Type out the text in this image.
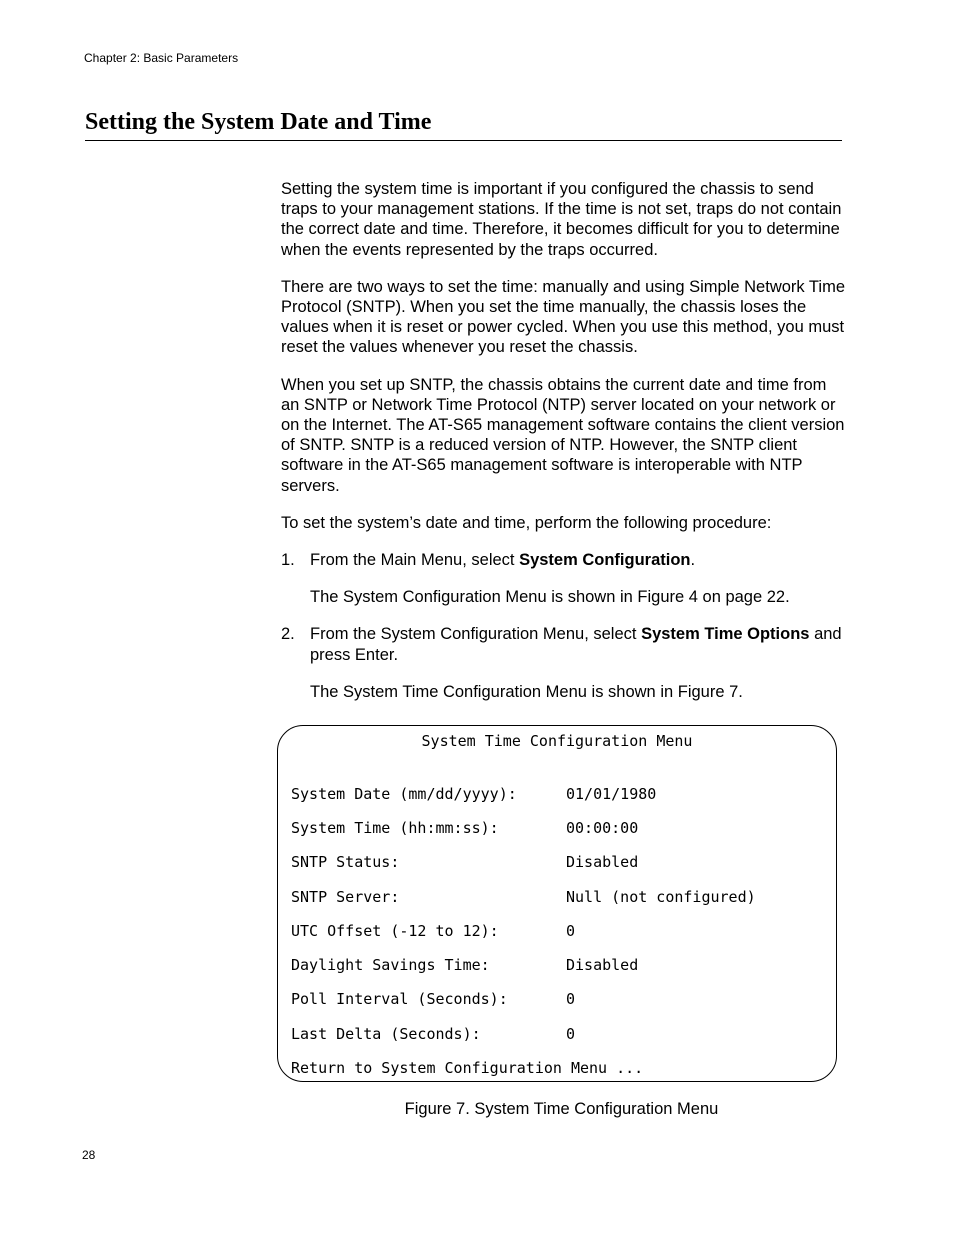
Chapter 2: Basic Parameters

Setting the System Date and Time

Setting the system time is important if you configured the chassis to send traps to your management stations. If the time is not set, traps do not contain the correct date and time. Therefore, it becomes difficult for you to determine when the events represented by the traps occurred.

There are two ways to set the time: manually and using Simple Network Time Protocol (SNTP). When you set the time manually, the chassis loses the values when it is reset or power cycled. When you use this method, you must reset the values whenever you reset the chassis.

When you set up SNTP, the chassis obtains the current date and time from an SNTP or Network Time Protocol (NTP) server located on your network or on the Internet. The AT-S65 management software contains the client version of SNTP. SNTP is a reduced version of NTP. However, the SNTP client software in the AT-S65 management software is interoperable with NTP servers.

To set the system’s date and time, perform the following procedure:

1. From the Main Menu, select System Configuration.

The System Configuration Menu is shown in Figure 4 on page 22.

2. From the System Configuration Menu, select System Time Options and press Enter.

The System Time Configuration Menu is shown in Figure 7.

System Time Configuration Menu

System Date (mm/dd/yyyy):

	01/01/1980

System Time (hh:mm:ss):

	00:00:00

SNTP Status:

	Disabled

SNTP Server:

	Null (not configured)

UTC Offset (-12 to 12):

	0

Daylight Savings Time:

	Disabled

Poll Interval (Seconds):

	0

Last Delta (Seconds):

	0

Return to System Configuration Menu ...

Figure 7. System Time Configuration Menu

28
